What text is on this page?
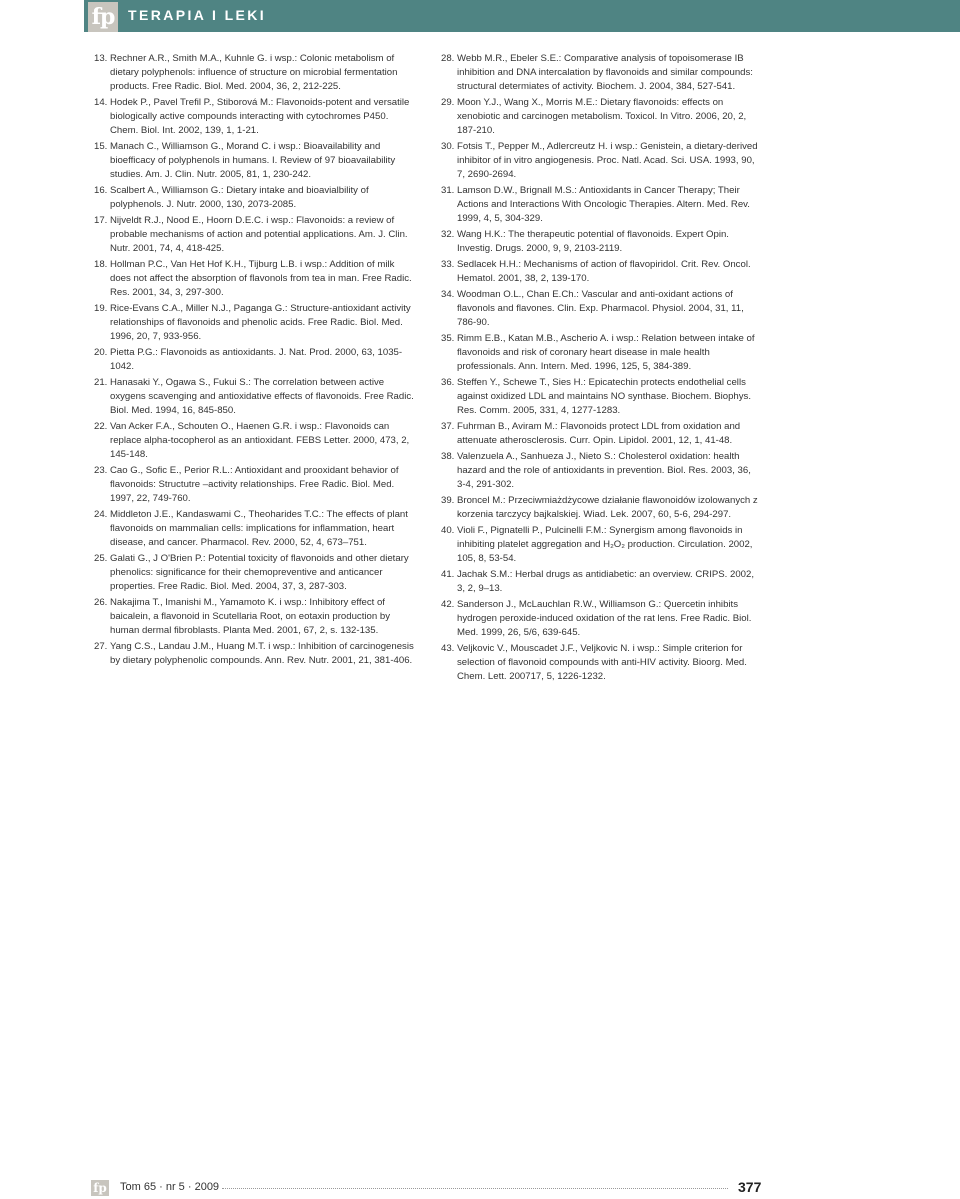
fp TERAPIA I LEKI
13. Rechner A.R., Smith M.A., Kuhnle G. i wsp.: Colonic metabolism of dietary polyphenols: influence of structure on microbial fermentation products. Free Radic. Biol. Med. 2004, 36, 2, 212-225.
14. Hodek P., Pavel Trefil P., Stiborová M.: Flavonoids-potent and versatile biologically active compounds interacting with cytochromes P450. Chem. Biol. Int. 2002, 139, 1, 1-21.
15. Manach C., Williamson G., Morand C. i wsp.: Bioavailability and bioefficacy of polyphenols in humans. I. Review of 97 bioavailability studies. Am. J. Clin. Nutr. 2005, 81, 1, 230-242.
16. Scalbert A., Williamson G.: Dietary intake and bioavialbility of polyphenols. J. Nutr. 2000, 130, 2073-2085.
17. Nijveldt R.J., Nood E., Hoorn D.E.C. i wsp.: Flavonoids: a review of probable mechanisms of action and potential applications. Am. J. Clin. Nutr. 2001, 74, 4, 418-425.
18. Hollman P.C., Van Het Hof K.H., Tijburg L.B. i wsp.: Addition of milk does not affect the absorption of flavonols from tea in man. Free Radic. Res. 2001, 34, 3, 297-300.
19. Rice-Evans C.A., Miller N.J., Paganga G.: Structure-antioxidant activity relationships of flavonoids and phenolic acids. Free Radic. Biol. Med. 1996, 20, 7, 933-956.
20. Pietta P.G.: Flavonoids as antioxidants. J. Nat. Prod. 2000, 63, 1035-1042.
21. Hanasaki Y., Ogawa S., Fukui S.: The correlation between active oxygens scavenging and antioxidative effects of flavonoids. Free Radic. Biol. Med. 1994, 16, 845-850.
22. Van Acker F.A., Schouten O., Haenen G.R. i wsp.: Flavonoids can replace alpha-tocopherol as an antioxidant. FEBS Letter. 2000, 473, 2, 145-148.
23. Cao G., Sofic E., Perior R.L.: Antioxidant and prooxidant behavior of flavonoids: Structutre –activity relationships. Free Radic. Biol. Med. 1997, 22, 749-760.
24. Middleton J.E., Kandaswami C., Theoharides T.C.: The effects of plant flavonoids on mammalian cells: implications for inflammation, heart disease, and cancer. Pharmacol. Rev. 2000, 52, 4, 673–751.
25. Galati G., J O'Brien P.: Potential toxicity of flavonoids and other dietary phenolics: significance for their chemopreventive and anticancer properties. Free Radic. Biol. Med. 2004, 37, 3, 287-303.
26. Nakajima T., Imanishi M., Yamamoto K. i wsp.: Inhibitory effect of baicalein, a flavonoid in Scutellaria Root, on eotaxin production by human dermal fibroblasts. Planta Med. 2001, 67, 2, s. 132-135.
27. Yang C.S., Landau J.M., Huang M.T. i wsp.: Inhibition of carcinogenesis by dietary polyphenolic compounds. Ann. Rev. Nutr. 2001, 21, 381-406.
28. Webb M.R., Ebeler S.E.: Comparative analysis of topoisomerase IB inhibition and DNA intercalation by flavonoids and similar compounds: structural determiates of activity. Biochem. J. 2004, 384, 527-541.
29. Moon Y.J., Wang X., Morris M.E.: Dietary flavonoids: effects on xenobiotic and carcinogen metabolism. Toxicol. In Vitro. 2006, 20, 2, 187-210.
30. Fotsis T., Pepper M., Adlercreutz H. i wsp.: Genistein, a dietary-derived inhibitor of in vitro angiogenesis. Proc. Natl. Acad. Sci. USA. 1993, 90, 7, 2690-2694.
31. Lamson D.W., Brignall M.S.: Antioxidants in Cancer Therapy; Their Actions and Interactions With Oncologic Therapies. Altern. Med. Rev. 1999, 4, 5, 304-329.
32. Wang H.K.: The therapeutic potential of flavonoids. Expert Opin. Investig. Drugs. 2000, 9, 9, 2103-2119.
33. Sedlacek H.H.: Mechanisms of action of flavopiridol. Crit. Rev. Oncol. Hematol. 2001, 38, 2, 139-170.
34. Woodman O.L., Chan E.Ch.: Vascular and anti-oxidant actions of flavonols and flavones. Clin. Exp. Pharmacol. Physiol. 2004, 31, 11, 786-90.
35. Rimm E.B., Katan M.B., Ascherio A. i wsp.: Relation between intake of flavonoids and risk of coronary heart disease in male health professionals. Ann. Intern. Med. 1996, 125, 5, 384-389.
36. Steffen Y., Schewe T., Sies H.: Epicatechin protects endothelial cells against oxidized LDL and maintains NO synthase. Biochem. Biophys. Res. Comm. 2005, 331, 4, 1277-1283.
37. Fuhrman B., Aviram M.: Flavonoids protect LDL from oxidation and attenuate atherosclerosis. Curr. Opin. Lipidol. 2001, 12, 1, 41-48.
38. Valenzuela A., Sanhueza J., Nieto S.: Cholesterol oxidation: health hazard and the role of antioxidants in prevention. Biol. Res. 2003, 36, 3-4, 291-302.
39. Broncel M.: Przeciwmiażdżycowe działanie flawonoidów izolowanych z korzenia tarczycy bajkalskiej. Wiad. Lek. 2007, 60, 5-6, 294-297.
40. Violi F., Pignatelli P., Pulcinelli F.M.: Synergism among flavonoids in inhibiting platelet aggregation and H₂O₂ production. Circulation. 2002, 105, 8, 53-54.
41. Jachak S.M.: Herbal drugs as antidiabetic: an overview. CRIPS. 2002, 3, 2, 9–13.
42. Sanderson J., McLauchlan R.W., Williamson G.: Quercetin inhibits hydrogen peroxide-induced oxidation of the rat lens. Free Radic. Biol. Med. 1999, 26, 5/6, 639-645.
43. Veljkovic V., Mouscadet J.F., Veljkovic N. i wsp.: Simple criterion for selection of flavonoid compounds with anti-HIV activity. Bioorg. Med. Chem. Lett. 200717, 5, 1226-1232.
fp Tom 65 · nr 5 · 2009	377
